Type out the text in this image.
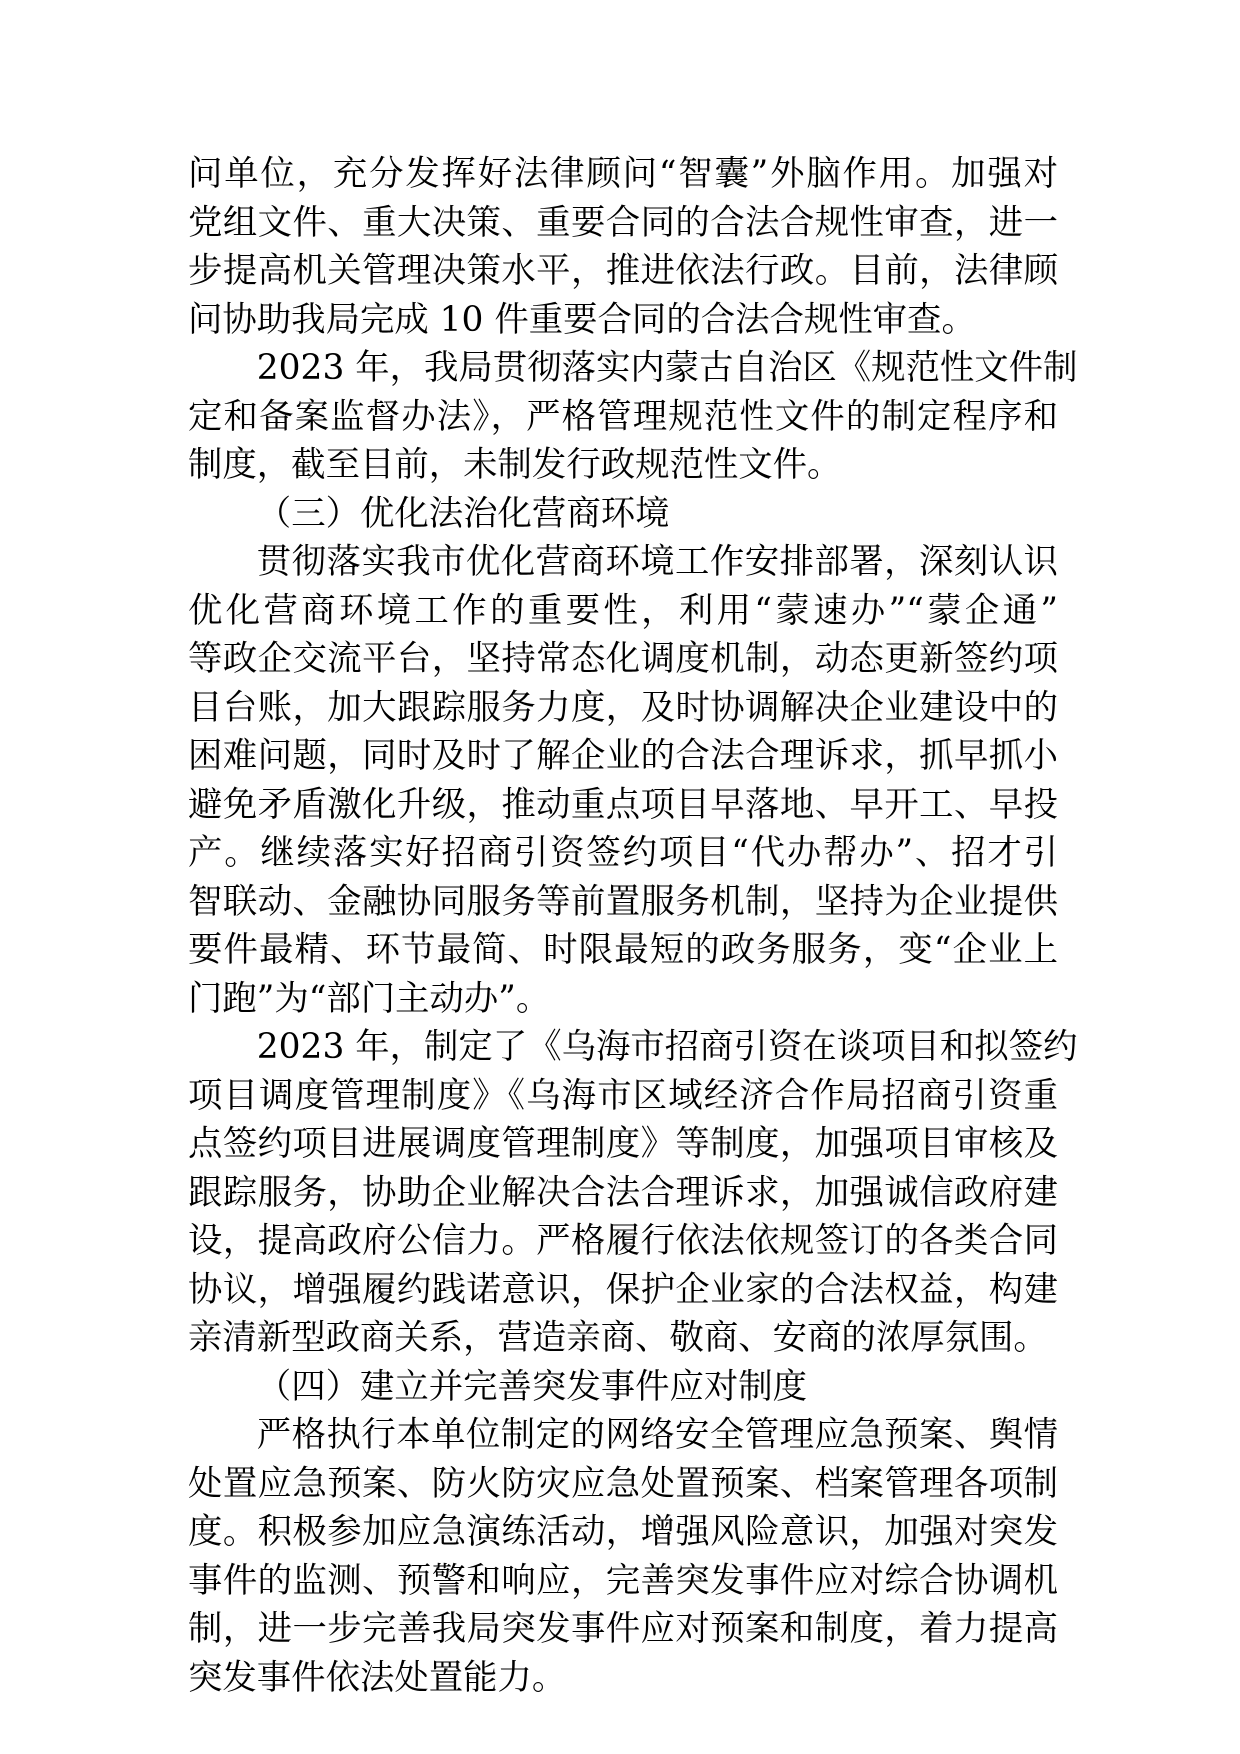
问单位，充分发挥好法律顾问“智囊”外脑作用。加强对
党组文件、重大决策、重要合同的合法合规性审查，进一
步提高机关管理决策水平，推进依法行政。目前，法律顾
问协助我局完成 10 件重要合同的合法合规性审查。
2023 年，我局贯彻落实内蒙古自治区《规范性文件制
定和备案监督办法》，严格管理规范性文件的制定程序和
制度，截至目前，未制发行政规范性文件。
（三）优化法治化营商环境
贯彻落实我市优化营商环境工作安排部署，深刻认识
优化营商环境工作的重要性，利用“蒙速办”“蒙企通”
等政企交流平台，坚持常态化调度机制，动态更新签约项
目台账，加大跟踪服务力度，及时协调解决企业建设中的
困难问题，同时及时了解企业的合法合理诉求，抓早抓小
避免矛盾激化升级，推动重点项目早落地、早开工、早投
产。继续落实好招商引资签约项目“代办帮办”、招才引
智联动、金融协同服务等前置服务机制，坚持为企业提供
要件最精、环节最简、时限最短的政务服务，变“企业上
门跑”为“部门主动办”。
2023 年，制定了《乌海市招商引资在谈项目和拟签约
项目调度管理制度》《乌海市区域经济合作局招商引资重
点签约项目进展调度管理制度》等制度，加强项目审核及
跟踪服务，协助企业解决合法合理诉求，加强诚信政府建
设，提高政府公信力。严格履行依法依规签订的各类合同
协议，增强履约践诺意识，保护企业家的合法权益，构建
亲清新型政商关系，营造亲商、敬商、安商的浓厚氛围。
（四）建立并完善突发事件应对制度
严格执行本单位制定的网络安全管理应急预案、舆情
处置应急预案、防火防灾应急处置预案、档案管理各项制
度。积极参加应急演练活动，增强风险意识，加强对突发
事件的监测、预警和响应，完善突发事件应对综合协调机
制，进一步完善我局突发事件应对预案和制度，着力提高
突发事件依法处置能力。
